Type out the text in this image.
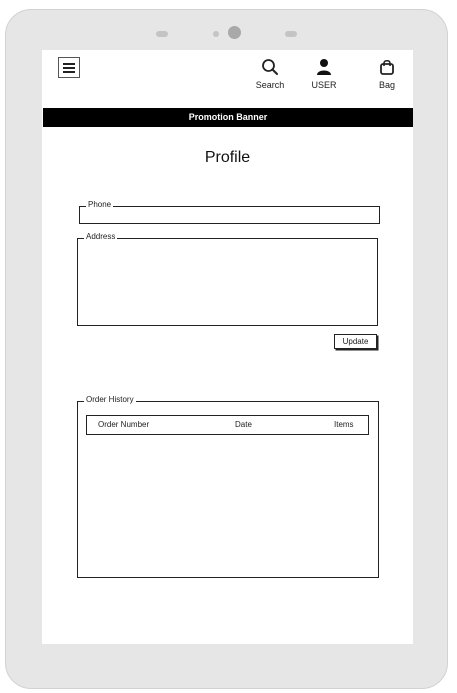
Search	USER	Bag
Promotion Banner
Profile
Phone
Address
Update
Order History
Order Number	Date	Items
